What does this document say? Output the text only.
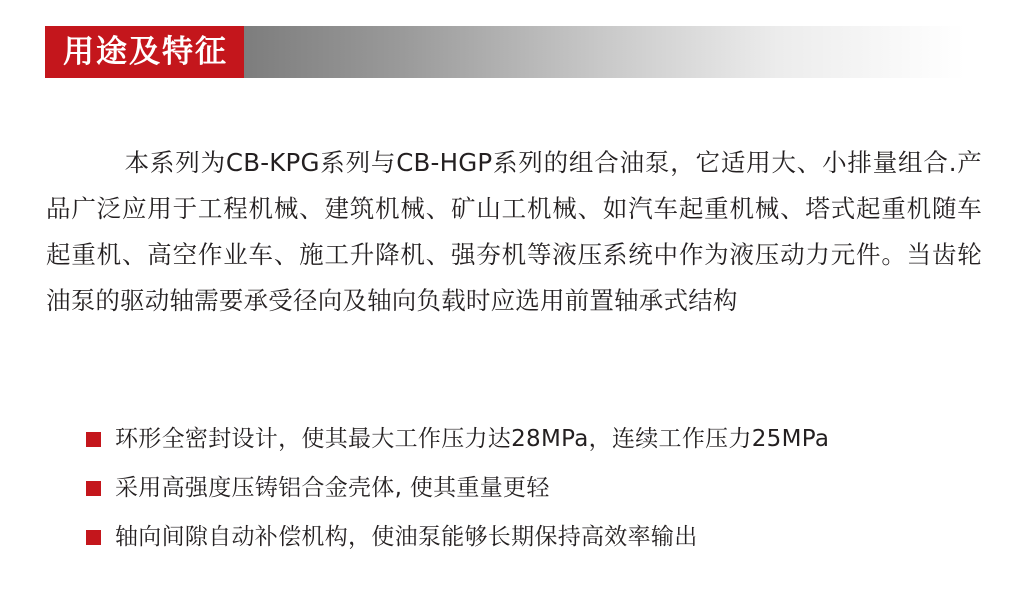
用途及特征
本系列为CB-KPG系列与CB-HGP系列的组合油泵，它适用大、小排量组合.产品广泛应用于工程机械、建筑机械、矿山工机械、如汽车起重机械、塔式起重机随车起重机、高空作业车、施工升降机、强夯机等液压系统中作为液压动力元件。当齿轮油泵的驱动轴需要承受径向及轴向负载时应选用前置轴承式结构
环形全密封设计，使其最大工作压力达28MPa，连续工作压力25MPa
采用高强度压铸铝合金壳体, 使其重量更轻
轴向间隙自动补偿机构，使油泵能够长期保持高效率输出
